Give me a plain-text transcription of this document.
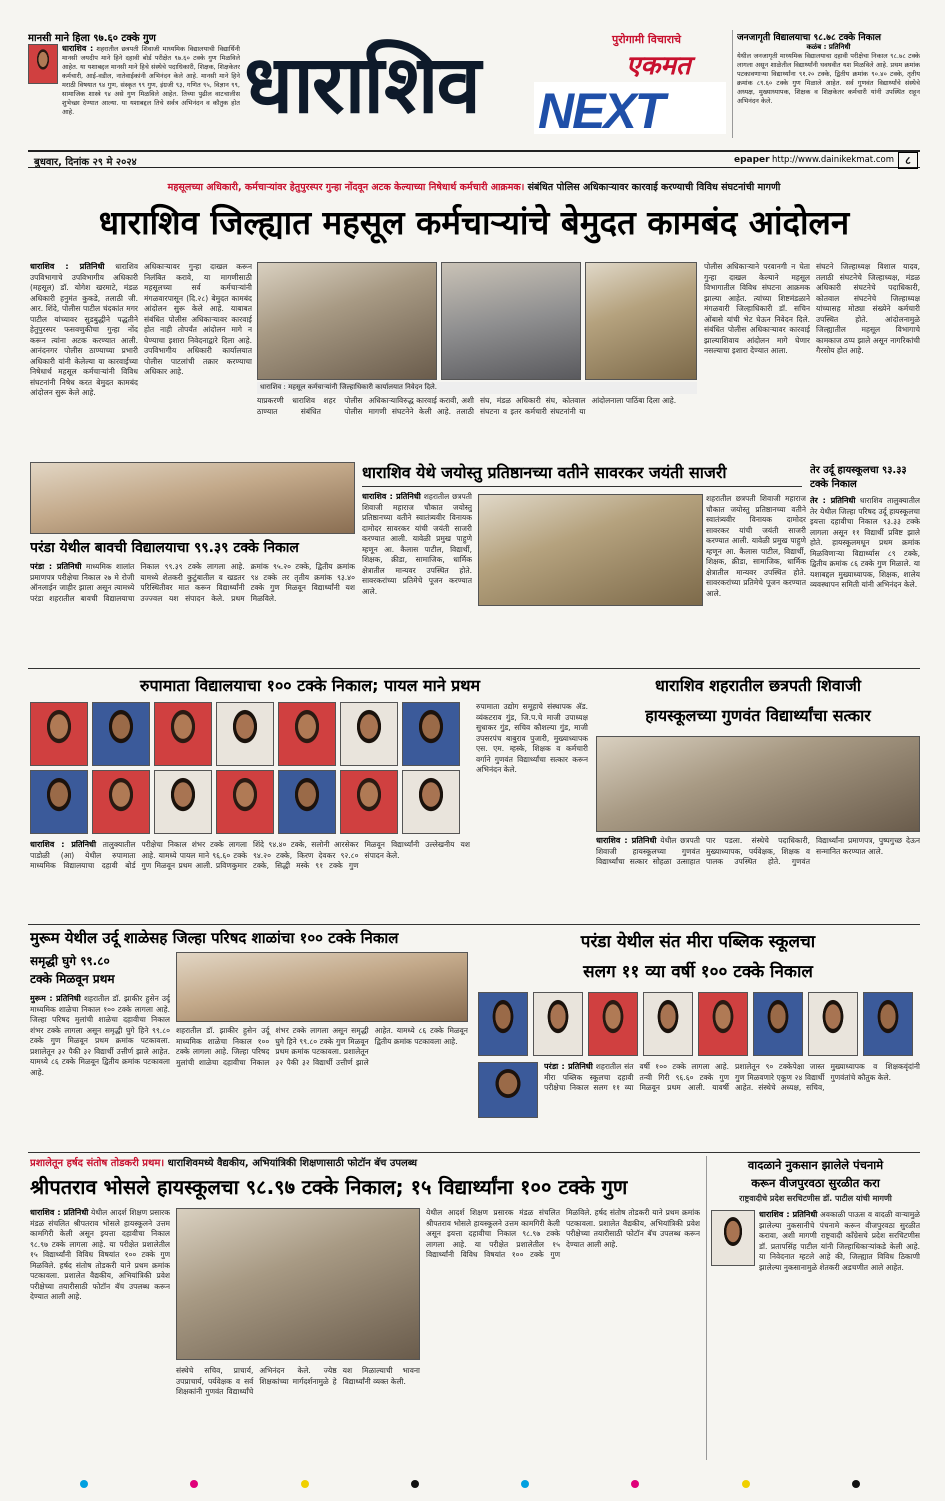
मानसी माने हिला ९७.६० टक्के गुण
धाराशिव : शहरातील छत्रपती शिवाजी माध्यमिक विद्यालयाची विद्यार्थिनी मानसी जयदीप माने हिने दहावी बोर्ड परीक्षेत ९७.६० टक्के गुण मिळविले आहेत. या यशाबद्दल मानसी माने हिचे संस्थेचे पदाधिकारी, शिक्षक, शिक्षकेतर कर्मचारी, आई-वडील, नातेवाईकांनी अभिनंदन केले आहे. मानसी माने हिने मराठी विषयात ९४ गुण, संस्कृत ९९ गुण, इंग्रजी ९३, गणित ९५, विज्ञान ९९, सामाजिक शास्त्रे ९४ असे गुण मिळविले आहेत. तिच्या पुढील वाटचालीस शुभेच्छा देण्यात आल्या. या यशाबद्दल तिचे सर्वत्र अभिनंदन व कौतुक होत आहे.	धाराशिव	पुरोगामी विचाराचे
एकमत
NEXT
जनजागृती विद्यालयाचा ९८.७८ टक्के निकाल
कळंब : प्रतिनिधी
येथील जनजागृती माध्यमिक विद्यालयाचा दहावी परीक्षेचा निकाल ९८.७८ टक्के लागला असून शाळेतील विद्यार्थ्यांनी घवघवीत यश मिळविले आहे. प्रथम क्रमांक पटकावणाऱ्या विद्यार्थ्यांना ९१.२० टक्के, द्वितीय क्रमांक ९०.४० टक्के, तृतीय क्रमांक ८९.६० टक्के गुण मिळाले आहेत. सर्व गुणवंत विद्यार्थ्यांचे संस्थेचे अध्यक्ष, मुख्याध्यापक, शिक्षक व शिक्षकेतर कर्मचारी यांनी उपस्थित राहून अभिनंदन केले.
बुधवार, दिनांक २९ मे २०२४	epaper http://www.dainikekmat.com	८
महसूलच्या अधिकारी, कर्मचाऱ्यांवर हेतुपुरस्पर गुन्हा नोंदवून अटक केल्याच्या निषेधार्थ कर्मचारी आक्रमक। संबंधित पोलिस अधिकाऱ्यावर कारवाई करण्याची विविध संघटनांची मागणी
धाराशिव जिल्ह्यात महसूल कर्मचाऱ्यांचे बेमुदत कामबंद आंदोलन
धाराशिव : प्रतिनिधी धाराशिव उपविभागाचे उपविभागीय अधिकारी (महसूल) डॉ. योगेश खरमाटे, मंडळ अधिकारी हनुमंत कुकडे, तलाठी जी. आर. शिंदे, पोलीस पाटील चंदकांत मगर पाटील यांच्यावर सुडबुद्धीने पद्धतीने हेतुपुरस्पर फसवणुकीचा गुन्हा नोंद करून त्यांना अटक करण्यात आली. आनंदनगर पोलीस ठाण्याच्या प्रभारी अधिकारी यांनी केलेल्या या कारवाईच्या निषेधार्थ महसूल कर्मचाऱ्यांनी विविध संघटनांनी निषेध करत बेमुदत कामबंद आंदोलन सुरू केले आहे.
अधिकाऱ्यावर गुन्हा दाखल करून निलंबित करावे, या मागणीसाठी महसूलच्या सर्व कर्मचाऱ्यांनी मंगळवारपासून (दि.२८) बेमुदत कामबंद आंदोलन सुरू केले आहे. याबाबत संबंधित पोलीस अधिकाऱ्यावर कारवाई होत नाही तोपर्यंत आंदोलन मागे न घेण्याचा इशारा निवेदनाद्वारे दिला आहे. उपविभागीय अधिकारी कार्यालयात पोलीस पाटलांची तक्रार करण्याचा अधिकार आहे.
धाराशिव : महसूल कर्मचाऱ्यांनी जिल्हाधिकारी कार्यालयात निवेदन दिले.
याप्रकरणी धाराशिव शहर पोलीस ठाण्यात संबंधित पोलीस अधिकाऱ्याविरुद्ध कारवाई करावी, अशी मागणी संघटनेने केली आहे. तलाठी संघ, मंडळ अधिकारी संघ, कोतवाल संघटना व इतर कर्मचारी संघटनांनी या आंदोलनाला पाठिंबा दिला आहे.
पोलीस अधिकाऱ्याने परवानगी न घेता गुन्हा दाखल केल्याने महसूल विभागातील विविध संघटना आक्रमक झाल्या आहेत. त्यांच्या शिष्टमंडळाने मंगळवारी जिल्हाधिकारी डॉ. सचिन ओंबासे यांची भेट घेऊन निवेदन दिले. संबंधित पोलीस अधिकाऱ्यावर कारवाई झाल्याशिवाय आंदोलन मागे घेणार नसल्याचा इशारा देण्यात आला.
संघटने जिल्हाध्यक्ष विशाल यादव, तलाठी संघटनेचे जिल्हाध्यक्ष, मंडळ अधिकारी संघटनेचे पदाधिकारी, कोतवाल संघटनेचे जिल्हाध्यक्ष यांच्यासह मोठ्या संख्येने कर्मचारी उपस्थित होते. आंदोलनामुळे जिल्ह्यातील महसूल विभागाचे कामकाज ठप्प झाले असून नागरिकांची गैरसोय होत आहे.
परंडा येथील बावची विद्यालयाचा ९९.३९ टक्के निकाल
परंडा : प्रतिनिधी माध्यमिक शालांत प्रमाणपत्र परीक्षेचा निकाल २७ मे रोजी ऑनलाईन जाहीर झाला असून त्यामध्ये परंडा शहरातील बावची विद्यालयाचा निकाल ९९.३९ टक्के लागला आहे. यामध्ये शेतकरी कुटुंबातील व खडतर परिस्थितीवर मात करून विद्यार्थ्यांनी उज्ज्वल यश संपादन केले. प्रथम क्रमांक ९५.२० टक्के, द्वितीय क्रमांक ९४ टक्के तर तृतीय क्रमांक ९३.४० टक्के गुण मिळवून विद्यार्थ्यांनी यश मिळविले.
धाराशिव येथे जयोस्तु प्रतिष्ठानच्या वतीने सावरकर जयंती साजरी
धाराशिव : प्रतिनिधी शहरातील छत्रपती शिवाजी महाराज चौकात जयोस्तु प्रतिष्ठानच्या वतीने स्वातंत्र्यवीर विनायक दामोदर सावरकर यांची जयंती साजरी करण्यात आली. यावेळी प्रमुख पाहुणे म्हणून आ. कैलास पाटील, विद्यार्थी, शिक्षक, क्रीडा, सामाजिक, धार्मिक क्षेत्रातील मान्यवर उपस्थित होते. सावरकरांच्या प्रतिमेचे पूजन करण्यात आले.
शहरातील छत्रपती शिवाजी महाराज चौकात जयोस्तु प्रतिष्ठानच्या वतीने स्वातंत्र्यवीर विनायक दामोदर सावरकर यांची जयंती साजरी करण्यात आली. यावेळी प्रमुख पाहुणे म्हणून आ. कैलास पाटील, विद्यार्थी, शिक्षक, क्रीडा, सामाजिक, धार्मिक क्षेत्रातील मान्यवर उपस्थित होते. सावरकरांच्या प्रतिमेचे पूजन करण्यात आले.
तेर उर्दू हायस्कूलचा ९३.३३ टक्के निकाल
तेर : प्रतिनिधी धाराशिव तालुक्यातील तेर येथील जिल्हा परिषद उर्दू हायस्कूलचा इयत्ता दहावीचा निकाल ९३.३३ टक्के लागला असून ११ विद्यार्थी प्रविष्ट झाले होते. हायस्कूलमधून प्रथम क्रमांक मिळविणाऱ्या विद्यार्थ्यास ८९ टक्के, द्वितीय क्रमांक ८६ टक्के गुण मिळाले. या यशाबद्दल मुख्याध्यापक, शिक्षक, शालेय व्यवस्थापन समिती यांनी अभिनंदन केले.
रुपामाता विद्यालयाचा १०० टक्के निकाल; पायल माने प्रथम
धाराशिव : प्रतिनिधी तालुक्यातील पाडोळी (आ) येथील रुपामाता माध्यमिक विद्यालयाचा दहावी बोर्ड परीक्षेचा निकाल शंभर टक्के लागला आहे. यामध्ये पायल माने ९६.६० टक्के गुण मिळवून प्रथम आली. प्रविणकुमार शिंदे ९४.४० टक्के, सलोनी आरसेकर ९४.२० टक्के, किरण देवकर ९२.८० टक्के, सिद्धी मस्के ९१ टक्के गुण मिळवून विद्यार्थ्यांनी उल्लेखनीय यश संपादन केले.
रुपामाता उद्योग समूहाचे संस्थापक ॲड. व्यंकटराव गुंड, जि.प.चे माजी उपाध्यक्ष सुधाकर गुंड, सचिव कौशल्या गुंड, माजी उपसरपंच बाबुराव पुजारी, मुख्याध्यापक एस. एम. म्हस्के, शिक्षक व कर्मचारी वर्गाने गुणवंत विद्यार्थ्यांचा सत्कार करून अभिनंदन केले.
धाराशिव शहरातील छत्रपती शिवाजी
हायस्कूलच्या गुणवंत विद्यार्थ्यांचा सत्कार
धाराशिव : प्रतिनिधी येथील छत्रपती शिवाजी हायस्कूलच्या गुणवंत विद्यार्थ्यांचा सत्कार सोहळा उत्साहात पार पडला. संस्थेचे पदाधिकारी, मुख्याध्यापक, पर्यवेक्षक, शिक्षक व पालक उपस्थित होते. गुणवंत विद्यार्थ्यांना प्रमाणपत्र, पुष्पगुच्छ देऊन सन्मानित करण्यात आले.
मुरूम येथील उर्दू शाळेसह जिल्हा परिषद शाळांचा १०० टक्के निकाल
समृद्धी घुगे ९९.८०
टक्के मिळवून प्रथम
मुरूम : प्रतिनिधी शहरातील डॉ. झाकीर हुसेन उर्दू माध्यमिक शाळेचा निकाल १०० टक्के लागला आहे. जिल्हा परिषद मुलांची शाळेचा दहावीचा निकाल शंभर टक्के लागला असून समृद्धी घुगे हिने ९९.८० टक्के गुण मिळवून प्रथम क्रमांक पटकावला. प्रशालेतून ३२ पैकी ३२ विद्यार्थी उत्तीर्ण झाले आहेत. यामध्ये ८६ टक्के मिळवून द्वितीय क्रमांक पटकावला आहे.
शहरातील डॉ. झाकीर हुसेन उर्दू माध्यमिक शाळेचा निकाल १०० टक्के लागला आहे. जिल्हा परिषद मुलांची शाळेचा दहावीचा निकाल शंभर टक्के लागला असून समृद्धी घुगे हिने ९९.८० टक्के गुण मिळवून प्रथम क्रमांक पटकावला. प्रशालेतून ३२ पैकी ३२ विद्यार्थी उत्तीर्ण झाले आहेत. यामध्ये ८६ टक्के मिळवून द्वितीय क्रमांक पटकावला आहे.
परंडा येथील संत मीरा पब्लिक स्कूलचा
सलग ११ व्या वर्षी १०० टक्के निकाल
परंडा : प्रतिनिधी शहरातील संत मीरा पब्लिक स्कूलचा दहावी परीक्षेचा निकाल सलग ११ व्या वर्षी १०० टक्के लागला आहे. तन्वी गिरी ९६.६० टक्के गुण मिळवून प्रथम आली. यावर्षी प्रशालेतून ९० टक्केपेक्षा जास्त गुण मिळवणारे एकूण २४ विद्यार्थी आहेत. संस्थेचे अध्यक्ष, सचिव, मुख्याध्यापक व शिक्षकवृंदांनी गुणवंतांचे कौतुक केले.
प्रशालेतून हर्षद संतोष तोडकरी प्रथम। धाराशिवमध्ये वैद्यकीय, अभियांत्रिकी शिक्षणासाठी फोटॉन बॅच उपलब्ध
श्रीपतराव भोसले हायस्कूलचा ९८.९७ टक्के निकाल; १५ विद्यार्थ्यांना १०० टक्के गुण
धाराशिव : प्रतिनिधी येथील आदर्श शिक्षण प्रसारक मंडळ संचलित श्रीपतराव भोसले हायस्कूलने उत्तम कामगिरी केली असून इयत्ता दहावीचा निकाल ९८.९७ टक्के लागला आहे. या परीक्षेत प्रशालेतील १५ विद्यार्थ्यांनी विविध विषयांत १०० टक्के गुण मिळविले. हर्षद संतोष तोडकरी याने प्रथम क्रमांक पटकावला. प्रशालेत वैद्यकीय, अभियांत्रिकी प्रवेश परीक्षेच्या तयारीसाठी फोटॉन बॅच उपलब्ध करून देण्यात आली आहे.
संस्थेचे सचिव, प्राचार्य, उपप्राचार्य, पर्यवेक्षक व सर्व शिक्षकांनी गुणवंत विद्यार्थ्यांचे अभिनंदन केले. ज्येष्ठ शिक्षकांच्या मार्गदर्शनामुळे हे यश मिळाल्याची भावना विद्यार्थ्यांनी व्यक्त केली.
येथील आदर्श शिक्षण प्रसारक मंडळ संचलित श्रीपतराव भोसले हायस्कूलने उत्तम कामगिरी केली असून इयत्ता दहावीचा निकाल ९८.९७ टक्के लागला आहे. या परीक्षेत प्रशालेतील १५ विद्यार्थ्यांनी विविध विषयांत १०० टक्के गुण मिळविले. हर्षद संतोष तोडकरी याने प्रथम क्रमांक पटकावला. प्रशालेत वैद्यकीय, अभियांत्रिकी प्रवेश परीक्षेच्या तयारीसाठी फोटॉन बॅच उपलब्ध करून देण्यात आली आहे.
वादळाने नुकसान झालेले पंचनामे
करून वीजपुरवठा सुरळीत करा
राष्ट्रवादीचे प्रदेश सरचिटणीस डॉ. पाटील यांची मागणी
धाराशिव : प्रतिनिधी अवकाळी पाऊस व वादळी वाऱ्यामुळे झालेल्या नुकसानीचे पंचनामे करून वीजपुरवठा सुरळीत करावा, अशी मागणी राष्ट्रवादी काँग्रेसचे प्रदेश सरचिटणीस डॉ. प्रतापसिंह पाटील यांनी जिल्हाधिकाऱ्यांकडे केली आहे. या निवेदनात म्हटले आहे की, जिल्ह्यात विविध ठिकाणी झालेल्या नुकसानामुळे शेतकरी अडचणीत आले आहेत.
